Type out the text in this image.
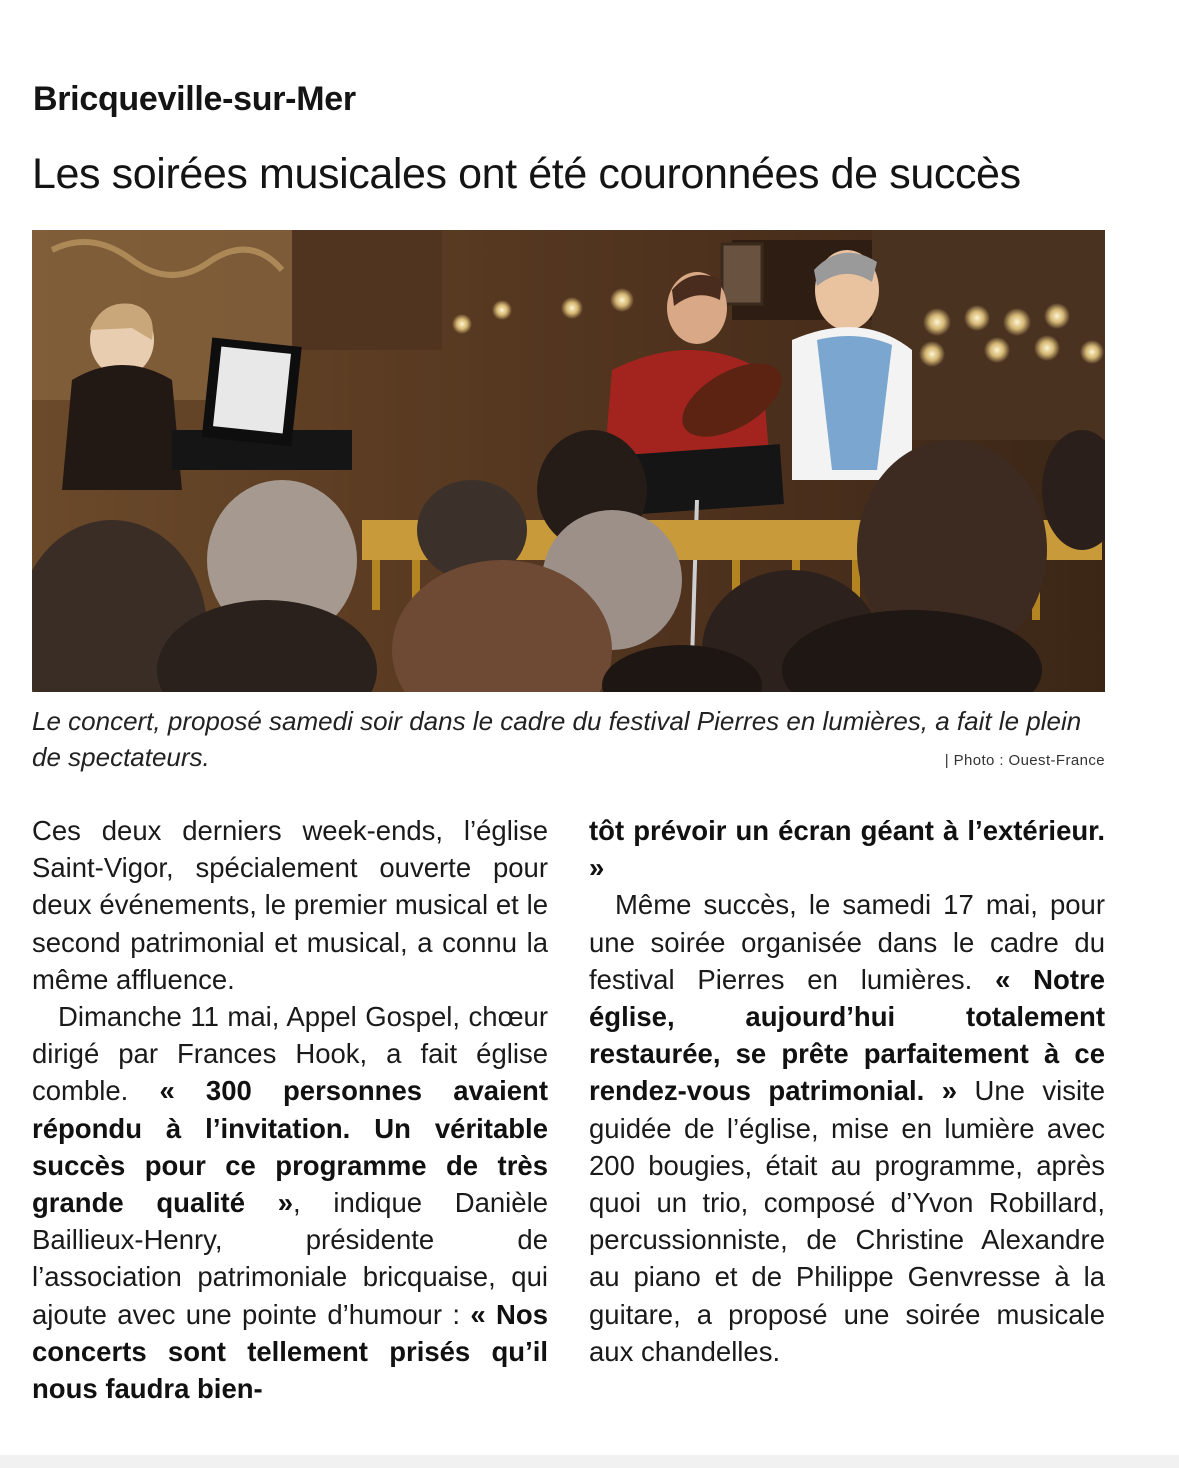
Bricqueville-sur-Mer
Les soirées musicales ont été couronnées de succès

Le concert, proposé samedi soir dans le cadre du festival Pierres en lumières, a fait le plein de spectateurs.	| Photo : Ouest-France

Ces deux derniers week-ends, l’église Saint-Vigor, spécialement ouverte pour deux événements, le premier musical et le second patrimonial et musical, a connu la même affluence.

Dimanche 11 mai, Appel Gospel, chœur dirigé par Frances Hook, a fait église comble. « 300 personnes avaient répondu à l’invitation. Un véritable succès pour ce programme de très grande qualité », indique Danièle Baillieux-Henry, présidente de l’association patrimoniale bricquaise, qui ajoute avec une pointe d’humour : « Nos concerts sont tellement prisés qu’il nous faudra bien-

tôt prévoir un écran géant à l’extérieur. »

Même succès, le samedi 17 mai, pour une soirée organisée dans le cadre du festival Pierres en lumières. « Notre église, aujourd’hui totalement restaurée, se prête parfaitement à ce rendez-vous patrimonial. » Une visite guidée de l’église, mise en lumière avec 200 bougies, était au programme, après quoi un trio, composé d’Yvon Robillard, percussionniste, de Christine Alexandre au piano et de Philippe Genvresse à la guitare, a proposé une soirée musicale aux chandelles.
